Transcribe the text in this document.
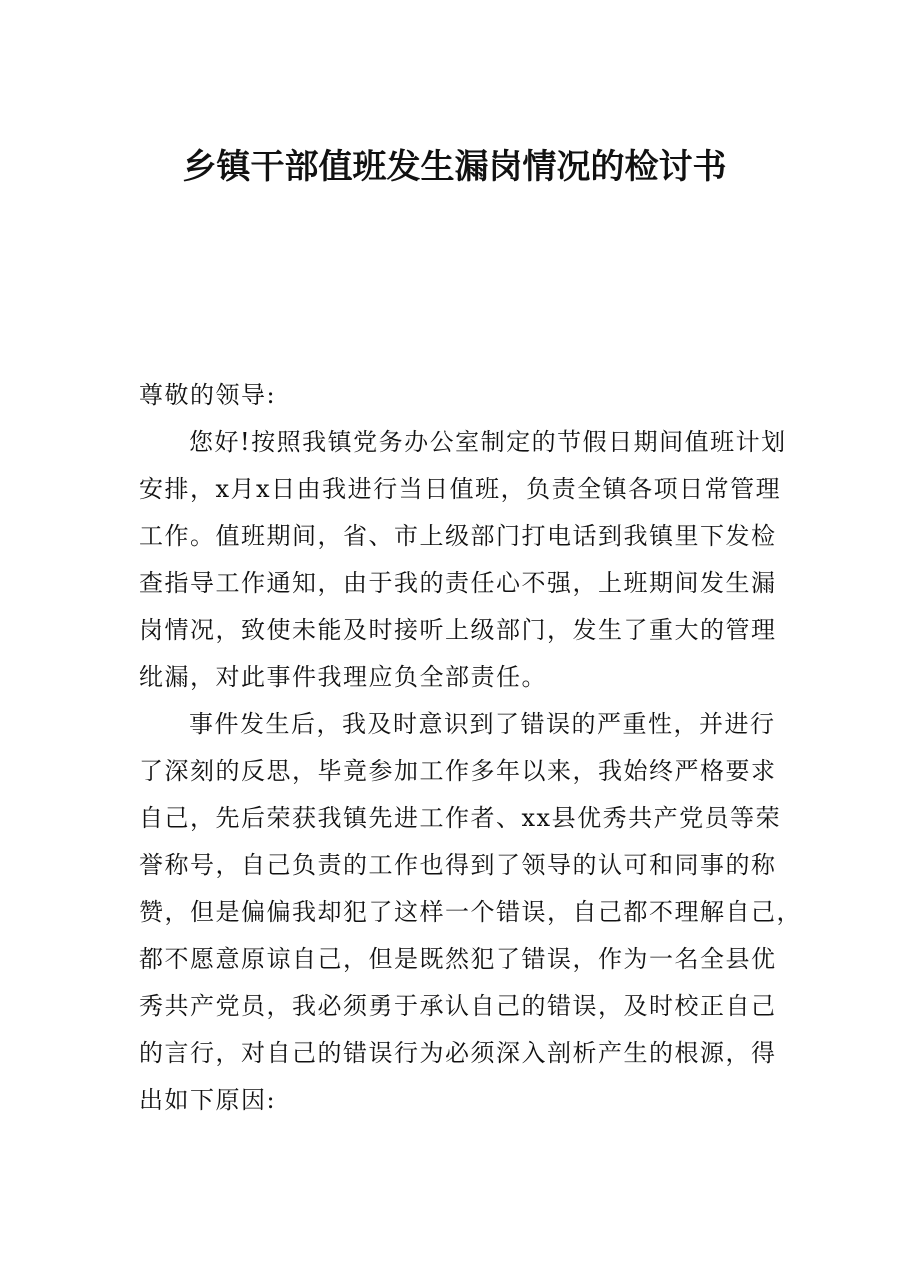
乡镇干部值班发生漏岗情况的检讨书
尊敬的领导:
您好!按照我镇党务办公室制定的节假日期间值班计划
安排，x月x日由我进行当日值班，负责全镇各项日常管理
工作。值班期间，省、市上级部门打电话到我镇里下发检
查指导工作通知，由于我的责任心不强，上班期间发生漏
岗情况，致使未能及时接听上级部门，发生了重大的管理
纰漏，对此事件我理应负全部责任。
事件发生后，我及时意识到了错误的严重性，并进行
了深刻的反思，毕竟参加工作多年以来，我始终严格要求
自己，先后荣获我镇先进工作者、xx县优秀共产党员等荣
誉称号，自己负责的工作也得到了领导的认可和同事的称
赞，但是偏偏我却犯了这样一个错误，自己都不理解自己，
都不愿意原谅自己，但是既然犯了错误，作为一名全县优
秀共产党员，我必须勇于承认自己的错误，及时校正自己
的言行，对自己的错误行为必须深入剖析产生的根源，得
出如下原因:
